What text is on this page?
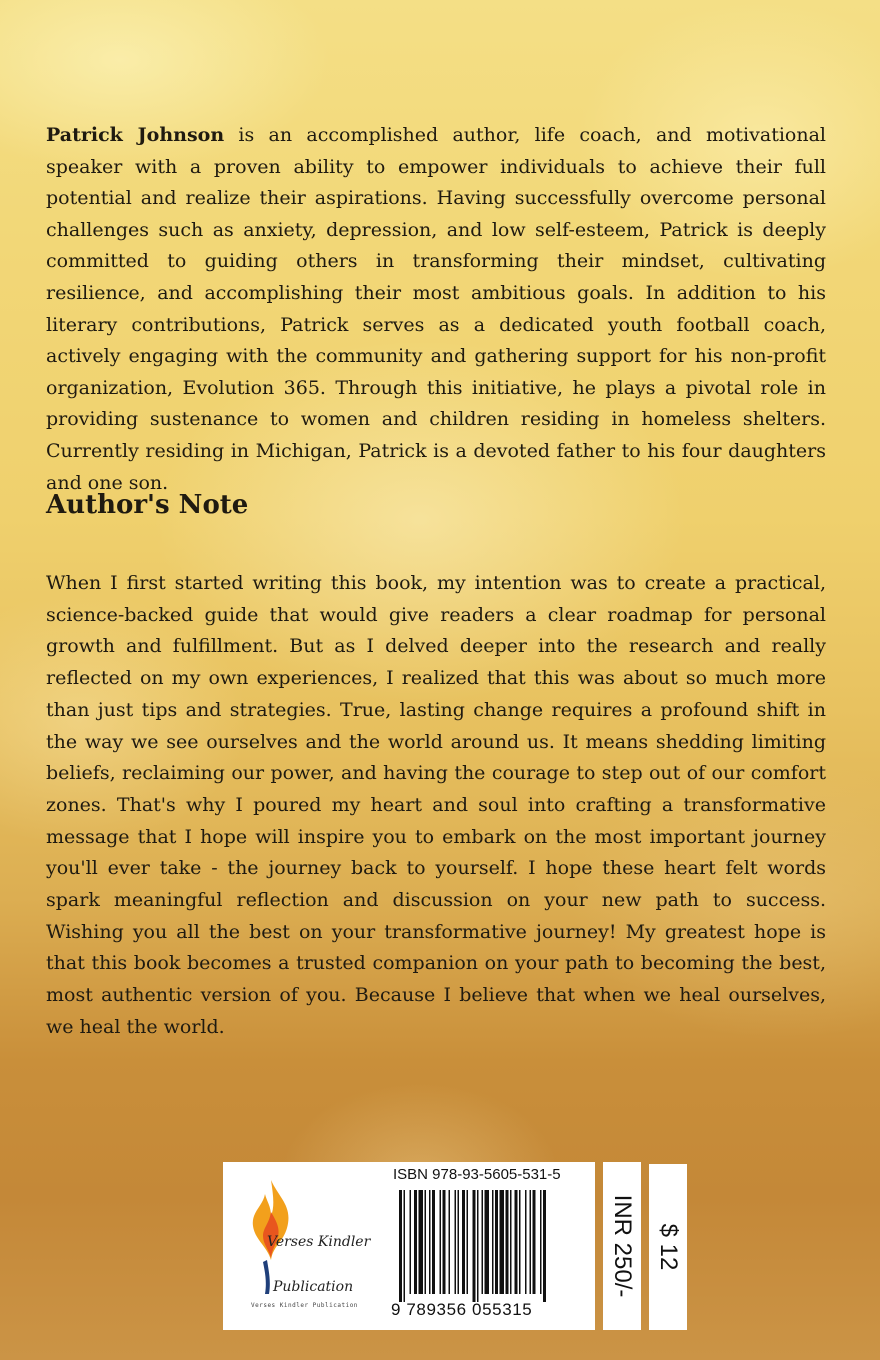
Patrick Johnson is an accomplished author, life coach, and motivational speaker with a proven ability to empower individuals to achieve their full potential and realize their aspirations. Having successfully overcome personal challenges such as anxiety, depression, and low self-esteem, Patrick is deeply committed to guiding others in transforming their mindset, cultivating resilience, and accomplishing their most ambitious goals. In addition to his literary contributions, Patrick serves as a dedicated youth football coach, actively engaging with the community and gathering support for his non-profit organization, Evolution 365. Through this initiative, he plays a pivotal role in providing sustenance to women and children residing in homeless shelters. Currently residing in Michigan, Patrick is a devoted father to his four daughters and one son.

Author's Note

When I first started writing this book, my intention was to create a practical, science-backed guide that would give readers a clear roadmap for personal growth and fulfillment. But as I delved deeper into the research and really reflected on my own experiences, I realized that this was about so much more than just tips and strategies. True, lasting change requires a profound shift in the way we see ourselves and the world around us. It means shedding limiting beliefs, reclaiming our power, and having the courage to step out of our comfort zones. That's why I poured my heart and soul into crafting a transformative message that I hope will inspire you to embark on the most important journey you'll ever take - the journey back to yourself. I hope these heart felt words spark meaningful reflection and discussion on your new path to success. Wishing you all the best on your transformative journey! My greatest hope is that this book becomes a trusted companion on your path to becoming the best, most authentic version of you. Because I believe that when we heal ourselves, we heal the world.

Verses Kindler
Publication
Verses Kindler Publication
ISBN 978-93-5605-531-5
9 789356 055315
INR 250/- $ 12
